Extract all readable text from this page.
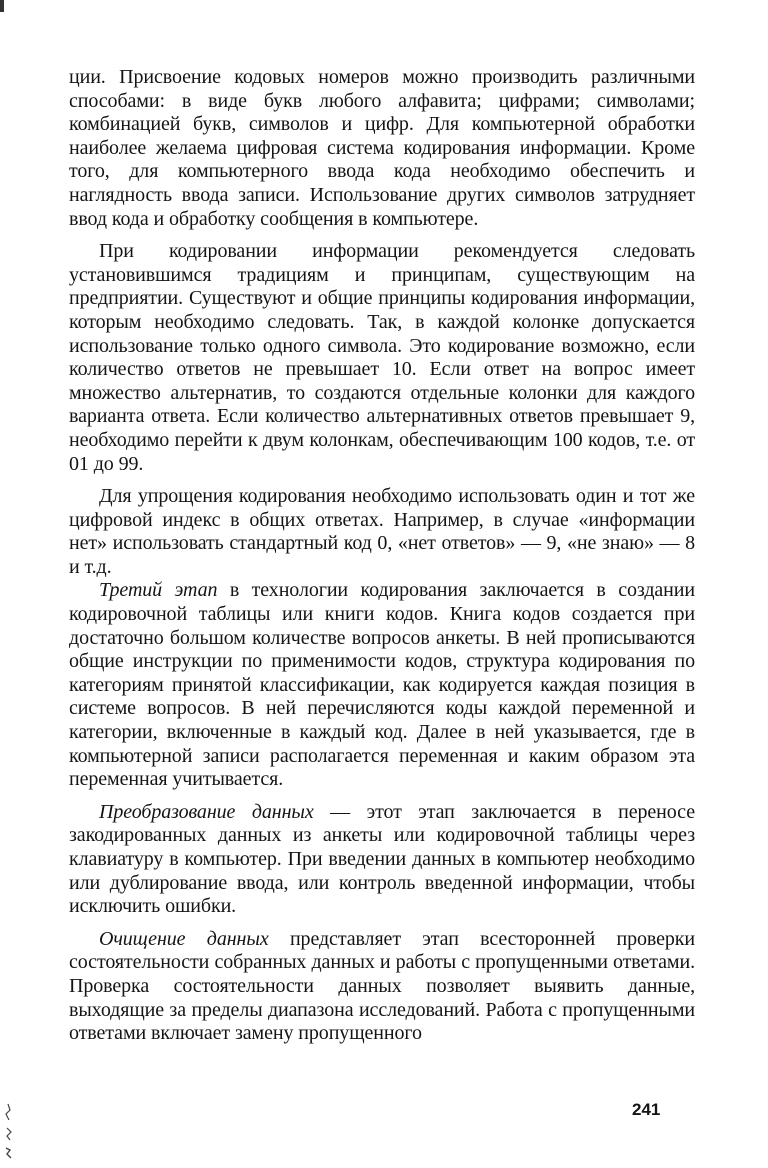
ции. Присвоение кодовых номеров можно производить различными способами: в виде букв любого алфавита; цифрами; символами; комбинацией букв, символов и цифр. Для компьютерной обработки наиболее желаема цифровая система кодирования информации. Кроме того, для компьютерного ввода кода необходимо обеспечить и наглядность ввода записи. Использование других символов затрудняет ввод кода и обработку сообщения в компьютере.

При кодировании информации рекомендуется следовать установившимся традициям и принципам, существующим на предприятии. Существуют и общие принципы кодирования информации, которым необходимо следовать. Так, в каждой колонке допускается использование только одного символа. Это кодирование возможно, если количество ответов не превышает 10. Если ответ на вопрос имеет множество альтернатив, то создаются отдельные колонки для каждого варианта ответа. Если количество альтернативных ответов превышает 9, необходимо перейти к двум колонкам, обеспечивающим 100 кодов, т.е. от 01 до 99.

Для упрощения кодирования необходимо использовать один и тот же цифровой индекс в общих ответах. Например, в случае «информации нет» использовать стандартный код 0, «нет ответов» — 9, «не знаю» — 8 и т.д.

Третий этап в технологии кодирования заключается в создании кодировочной таблицы или книги кодов. Книга кодов создается при достаточно большом количестве вопросов анкеты. В ней прописываются общие инструкции по применимости кодов, структура кодирования по категориям принятой классификации, как кодируется каждая позиция в системе вопросов. В ней перечисляются коды каждой переменной и категории, включенные в каждый код. Далее в ней указывается, где в компьютерной записи располагается переменная и каким образом эта переменная учитывается.

Преобразование данных — этот этап заключается в переносе закодированных данных из анкеты или кодировочной таблицы через клавиатуру в компьютер. При введении данных в компьютер необходимо или дублирование ввода, или контроль введенной информации, чтобы исключить ошибки.

Очищение данных представляет этап всесторонней проверки состоятельности собранных данных и работы с пропущенными ответами. Проверка состоятельности данных позволяет выявить данные, выходящие за пределы диапазона исследований. Работа с пропущенными ответами включает замену пропущенного

241
